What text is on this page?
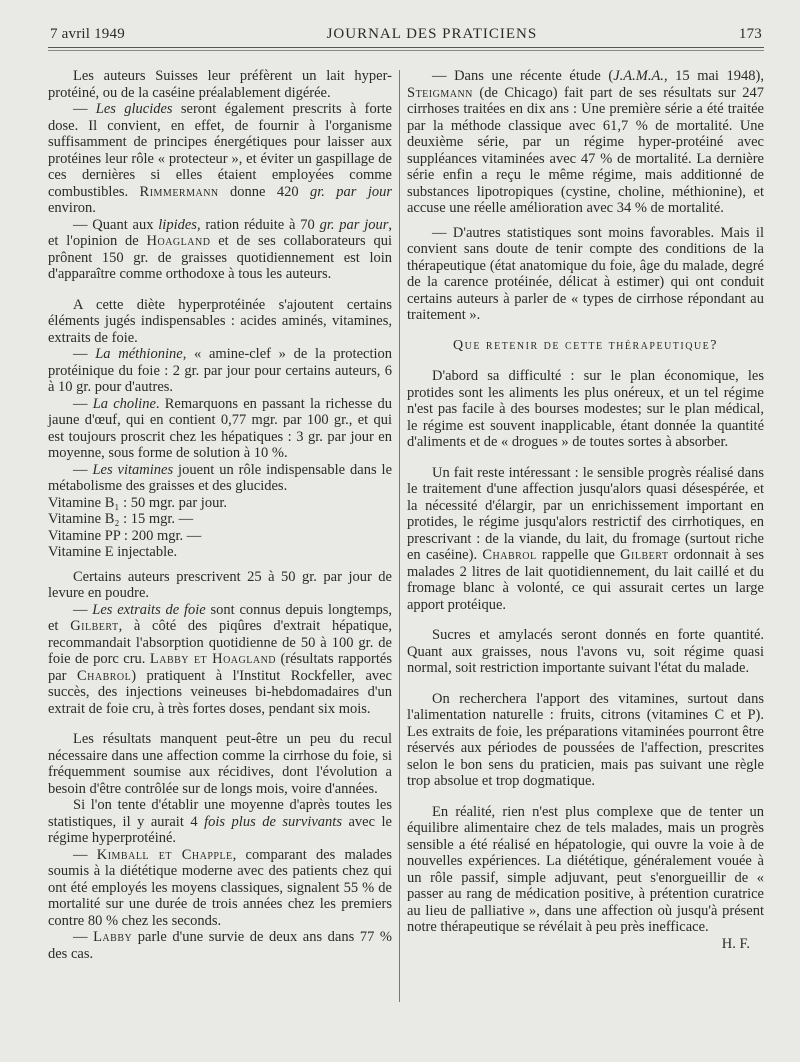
7 avril 1949	JOURNAL DES PRATICIENS	173

Les auteurs Suisses leur préfèrent un lait hyper-protéiné, ou de la caséine préalablement digérée.

— Les glucides seront également prescrits à forte dose. Il convient, en effet, de fournir à l'organisme suffisamment de principes énergétiques pour laisser aux protéines leur rôle « protecteur », et éviter un gaspillage de ces dernières si elles étaient employées comme combustibles. Rimmermann donne 420 gr. par jour environ.

— Quant aux lipides, ration réduite à 70 gr. par jour, et l'opinion de Hoagland et de ses collaborateurs qui prônent 150 gr. de graisses quotidiennement est loin d'apparaître comme orthodoxe à tous les auteurs.

A cette diète hyperprotéinée s'ajoutent certains éléments jugés indispensables : acides aminés, vitamines, extraits de foie.

— La méthionine, « amine-clef » de la protection protéinique du foie : 2 gr. par jour pour certains auteurs, 6 à 10 gr. pour d'autres.

— La choline. Remarquons en passant la richesse du jaune d'œuf, qui en contient 0,77 mgr. par 100 gr., et qui est toujours proscrit chez les hépatiques : 3 gr. par jour en moyenne, sous forme de solution à 10 %.

— Les vitamines jouent un rôle indispensable dans le métabolisme des graisses et des glucides.

Vitamine B₁ : 50 mgr. par jour.
Vitamine B₂ : 15 mgr. —
Vitamine PP : 200 mgr. —
Vitamine E injectable.

Certains auteurs prescrivent 25 à 50 gr. par jour de levure en poudre.

— Les extraits de foie sont connus depuis longtemps, et Gilbert, à côté des piqûres d'extrait hépatique, recommandait l'absorption quotidienne de 50 à 100 gr. de foie de porc cru. Labby et Hoagland (résultats rapportés par Chabrol) pratiquent à l'Institut Rockfeller, avec succès, des injections veineuses bi-hebdomadaires d'un extrait de foie cru, à très fortes doses, pendant six mois.

Les résultats manquent peut-être un peu du recul nécessaire dans une affection comme la cirrhose du foie, si fréquemment soumise aux récidives, dont l'évolution a besoin d'être contrôlée sur de longs mois, voire d'années.

Si l'on tente d'établir une moyenne d'après toutes les statistiques, il y aurait 4 fois plus de survivants avec le régime hyperprotéiné.

— Kimball et Chapple, comparant des malades soumis à la diététique moderne avec des patients chez qui ont été employés les moyens classiques, signalent 55 % de mortalité sur une durée de trois années chez les premiers contre 80 % chez les seconds.

— Labby parle d'une survie de deux ans dans 77 % des cas.

— Dans une récente étude (J.A.M.A., 15 mai 1948), Steigmann (de Chicago) fait part de ses résultats sur 247 cirrhoses traitées en dix ans : Une première série a été traitée par la méthode classique avec 61,7 % de mortalité. Une deuxième série, par un régime hyper-protéiné avec suppléances vitaminées avec 47 % de mortalité. La dernière série enfin a reçu le même régime, mais additionné de substances lipotropiques (cystine, choline, méthionine), et accuse une réelle amélioration avec 34 % de mortalité.

— D'autres statistiques sont moins favorables. Mais il convient sans doute de tenir compte des conditions de la thérapeutique (état anatomique du foie, âge du malade, degré de la carence protéinée, délicat à estimer) qui ont conduit certains auteurs à parler de « types de cirrhose répondant au traitement ».

Que retenir de cette thérapeutique?

D'abord sa difficulté : sur le plan économique, les protides sont les aliments les plus onéreux, et un tel régime n'est pas facile à des bourses modestes; sur le plan médical, le régime est souvent inapplicable, étant donnée la quantité d'aliments et de « drogues » de toutes sortes à absorber.

Un fait reste intéressant : le sensible progrès réalisé dans le traitement d'une affection jusqu'alors quasi désespérée, et la nécessité d'élargir, par un enrichissement important en protides, le régime jusqu'alors restrictif des cirrhotiques, en prescrivant : de la viande, du lait, du fromage (surtout riche en caséine). Chabrol rappelle que Gilbert ordonnait à ses malades 2 litres de lait quotidiennement, du lait caillé et du fromage blanc à volonté, ce qui assurait certes un large apport protéique.

Sucres et amylacés seront donnés en forte quantité. Quant aux graisses, nous l'avons vu, soit régime quasi normal, soit restriction importante suivant l'état du malade.

On recherchera l'apport des vitamines, surtout dans l'alimentation naturelle : fruits, citrons (vitamines C et P). Les extraits de foie, les préparations vitaminées pourront être réservés aux périodes de poussées de l'affection, prescrites selon le bon sens du praticien, mais pas suivant une règle trop absolue et trop dogmatique.

En réalité, rien n'est plus complexe que de tenter un équilibre alimentaire chez de tels malades, mais un progrès sensible a été réalisé en hépatologie, qui ouvre la voie à de nouvelles expériences. La diététique, généralement vouée à un rôle passif, simple adjuvant, peut s'enorgueillir de « passer au rang de médication positive, à prétention curatrice au lieu de palliative », dans une affection où jusqu'à présent notre thérapeutique se révélait à peu près inefficace.

H. F.
